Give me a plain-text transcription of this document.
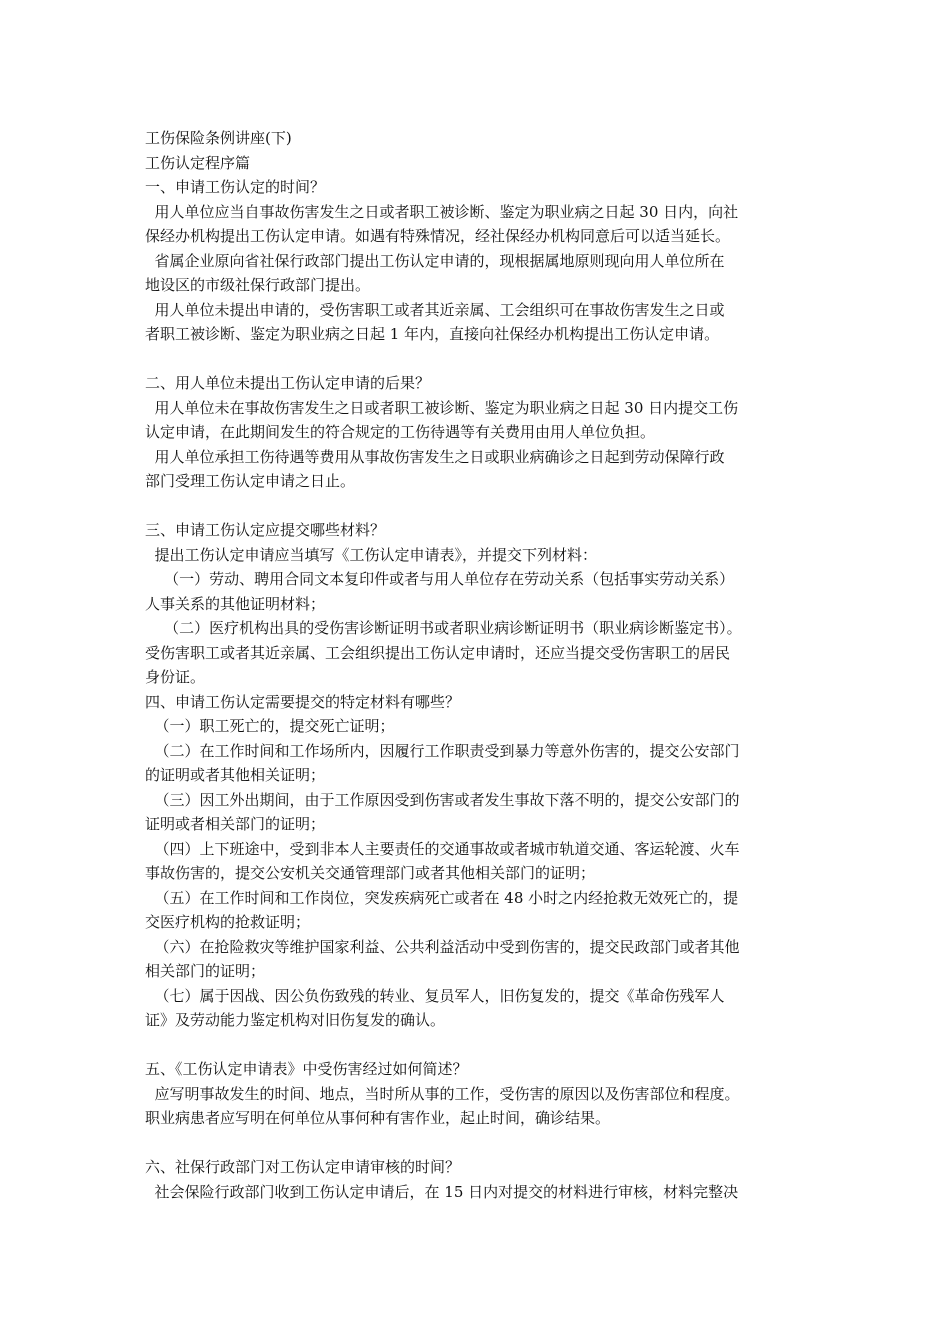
工伤保险条例讲座(下)
工伤认定程序篇
一、申请工伤认定的时间？
用人单位应当自事故伤害发生之日或者职工被诊断、鉴定为职业病之日起 30 日内，向社
保经办机构提出工伤认定申请。如遇有特殊情况，经社保经办机构同意后可以适当延长。
省属企业原向省社保行政部门提出工伤认定申请的，现根据属地原则现向用人单位所在
地设区的市级社保行政部门提出。
用人单位未提出申请的，受伤害职工或者其近亲属、工会组织可在事故伤害发生之日或
者职工被诊断、鉴定为职业病之日起 1 年内，直接向社保经办机构提出工伤认定申请。
二、用人单位未提出工伤认定申请的后果？
用人单位未在事故伤害发生之日或者职工被诊断、鉴定为职业病之日起 30 日内提交工伤
认定申请，在此期间发生的符合规定的工伤待遇等有关费用由用人单位负担。
用人单位承担工伤待遇等费用从事故伤害发生之日或职业病确诊之日起到劳动保障行政
部门受理工伤认定申请之日止。
三、申请工伤认定应提交哪些材料？
提出工伤认定申请应当填写《工伤认定申请表》，并提交下列材料：
（一）劳动、聘用合同文本复印件或者与用人单位存在劳动关系（包括事实劳动关系）
人事关系的其他证明材料；
（二）医疗机构出具的受伤害诊断证明书或者职业病诊断证明书（职业病诊断鉴定书）。
受伤害职工或者其近亲属、工会组织提出工伤认定申请时，还应当提交受伤害职工的居民
身份证。
四、申请工伤认定需要提交的特定材料有哪些？
（一）职工死亡的，提交死亡证明；
（二）在工作时间和工作场所内，因履行工作职责受到暴力等意外伤害的，提交公安部门
的证明或者其他相关证明；
（三）因工外出期间，由于工作原因受到伤害或者发生事故下落不明的，提交公安部门的
证明或者相关部门的证明；
（四）上下班途中，受到非本人主要责任的交通事故或者城市轨道交通、客运轮渡、火车
事故伤害的，提交公安机关交通管理部门或者其他相关部门的证明；
（五）在工作时间和工作岗位，突发疾病死亡或者在 48 小时之内经抢救无效死亡的，提
交医疗机构的抢救证明；
（六）在抢险救灾等维护国家利益、公共利益活动中受到伤害的，提交民政部门或者其他
相关部门的证明；
（七）属于因战、因公负伤致残的转业、复员军人，旧伤复发的，提交《革命伤残军人
证》及劳动能力鉴定机构对旧伤复发的确认。
五、《工伤认定申请表》中受伤害经过如何简述？
应写明事故发生的时间、地点，当时所从事的工作，受伤害的原因以及伤害部位和程度。
职业病患者应写明在何单位从事何种有害作业，起止时间，确诊结果。
六、社保行政部门对工伤认定申请审核的时间？
社会保险行政部门收到工伤认定申请后，在 15 日内对提交的材料进行审核，材料完整决
